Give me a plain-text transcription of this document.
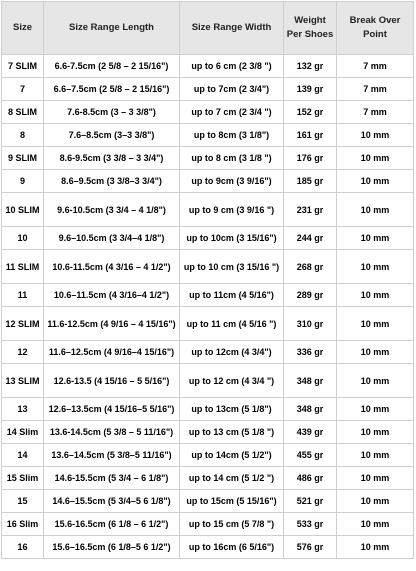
Size	Size Range Length	Size Range Width	Weight Per Shoes	Break Over Point
7 SLIM	6.6-7.5cm (2 5/8 – 2 15/16")	up to 6 cm (2 3/8 ")	132 gr	7 mm
7	6.6–7.5cm (2 5/8 – 2 15/16")	up to 7cm (2 3/4")	139 gr	7 mm
8 SLIM	7.6-8.5cm (3 – 3 3/8")	up to 7 cm (2 3/4 ")	152 gr	7 mm
8	7.6–8.5cm (3–3 3/8")	up to 8cm (3 1/8")	161 gr	10 mm
9 SLIM	8.6-9.5cm (3 3/8 – 3 3/4")	up to 8 cm (3 1/8 ")	176 gr	10 mm
9	8.6–9.5cm (3 3/8–3 3/4")	up to 9cm (3 9/16")	185 gr	10 mm
10 SLIM	9.6-10.5cm (3 3/4 – 4 1/8")	up to 9 cm (3 9/16 ")	231 gr	10 mm
10	9.6–10.5cm (3 3/4–4 1/8")	up to 10cm (3 15/16")	244 gr	10 mm
11 SLIM	10.6-11.5cm (4 3/16 – 4 1/2")	up to 10 cm (3 15/16 ")	268 gr	10 mm
11	10.6–11.5cm (4 3/16–4 1/2")	up to 11cm (4 5/16")	289 gr	10 mm
12 SLIM	11.6-12.5cm (4 9/16 – 4 15/16")	up to 11 cm (4 5/16 ")	310 gr	10 mm
12	11.6–12.5cm (4 9/16–4 15/16")	up to 12cm (4 3/4")	336 gr	10 mm
13 SLIM	12.6-13.5 (4 15/16 – 5 5/16")	up to 12 cm (4 3/4 ")	348 gr	10 mm
13	12.6–13.5cm (4 15/16–5 5/16")	up to 13cm (5 1/8")	348 gr	10 mm
14 Slim	13.6-14.5cm (5 3/8 – 5 11/16")	up to 13 cm (5 1/8 ")	439 gr	10 mm
14	13.6–14.5cm (5 3/8–5 11/16")	up to 14cm (5 1/2")	455 gr	10 mm
15 Slim	14.6-15.5cm (5 3/4 – 6 1/8")	up to 14 cm (5 1/2 ")	486 gr	10 mm
15	14.6–15.5cm (5 3/4–5 6 1/8")	up to 15cm (5 15/16")	521 gr	10 mm
16 Slim	15.6-16.5cm (6 1/8 – 6 1/2")	up to 15 cm (5 7/8 ")	533 gr	10 mm
16	15.6–16.5cm (6 1/8–5 6 1/2")	up to 16cm (6 5/16")	576 gr	10 mm
